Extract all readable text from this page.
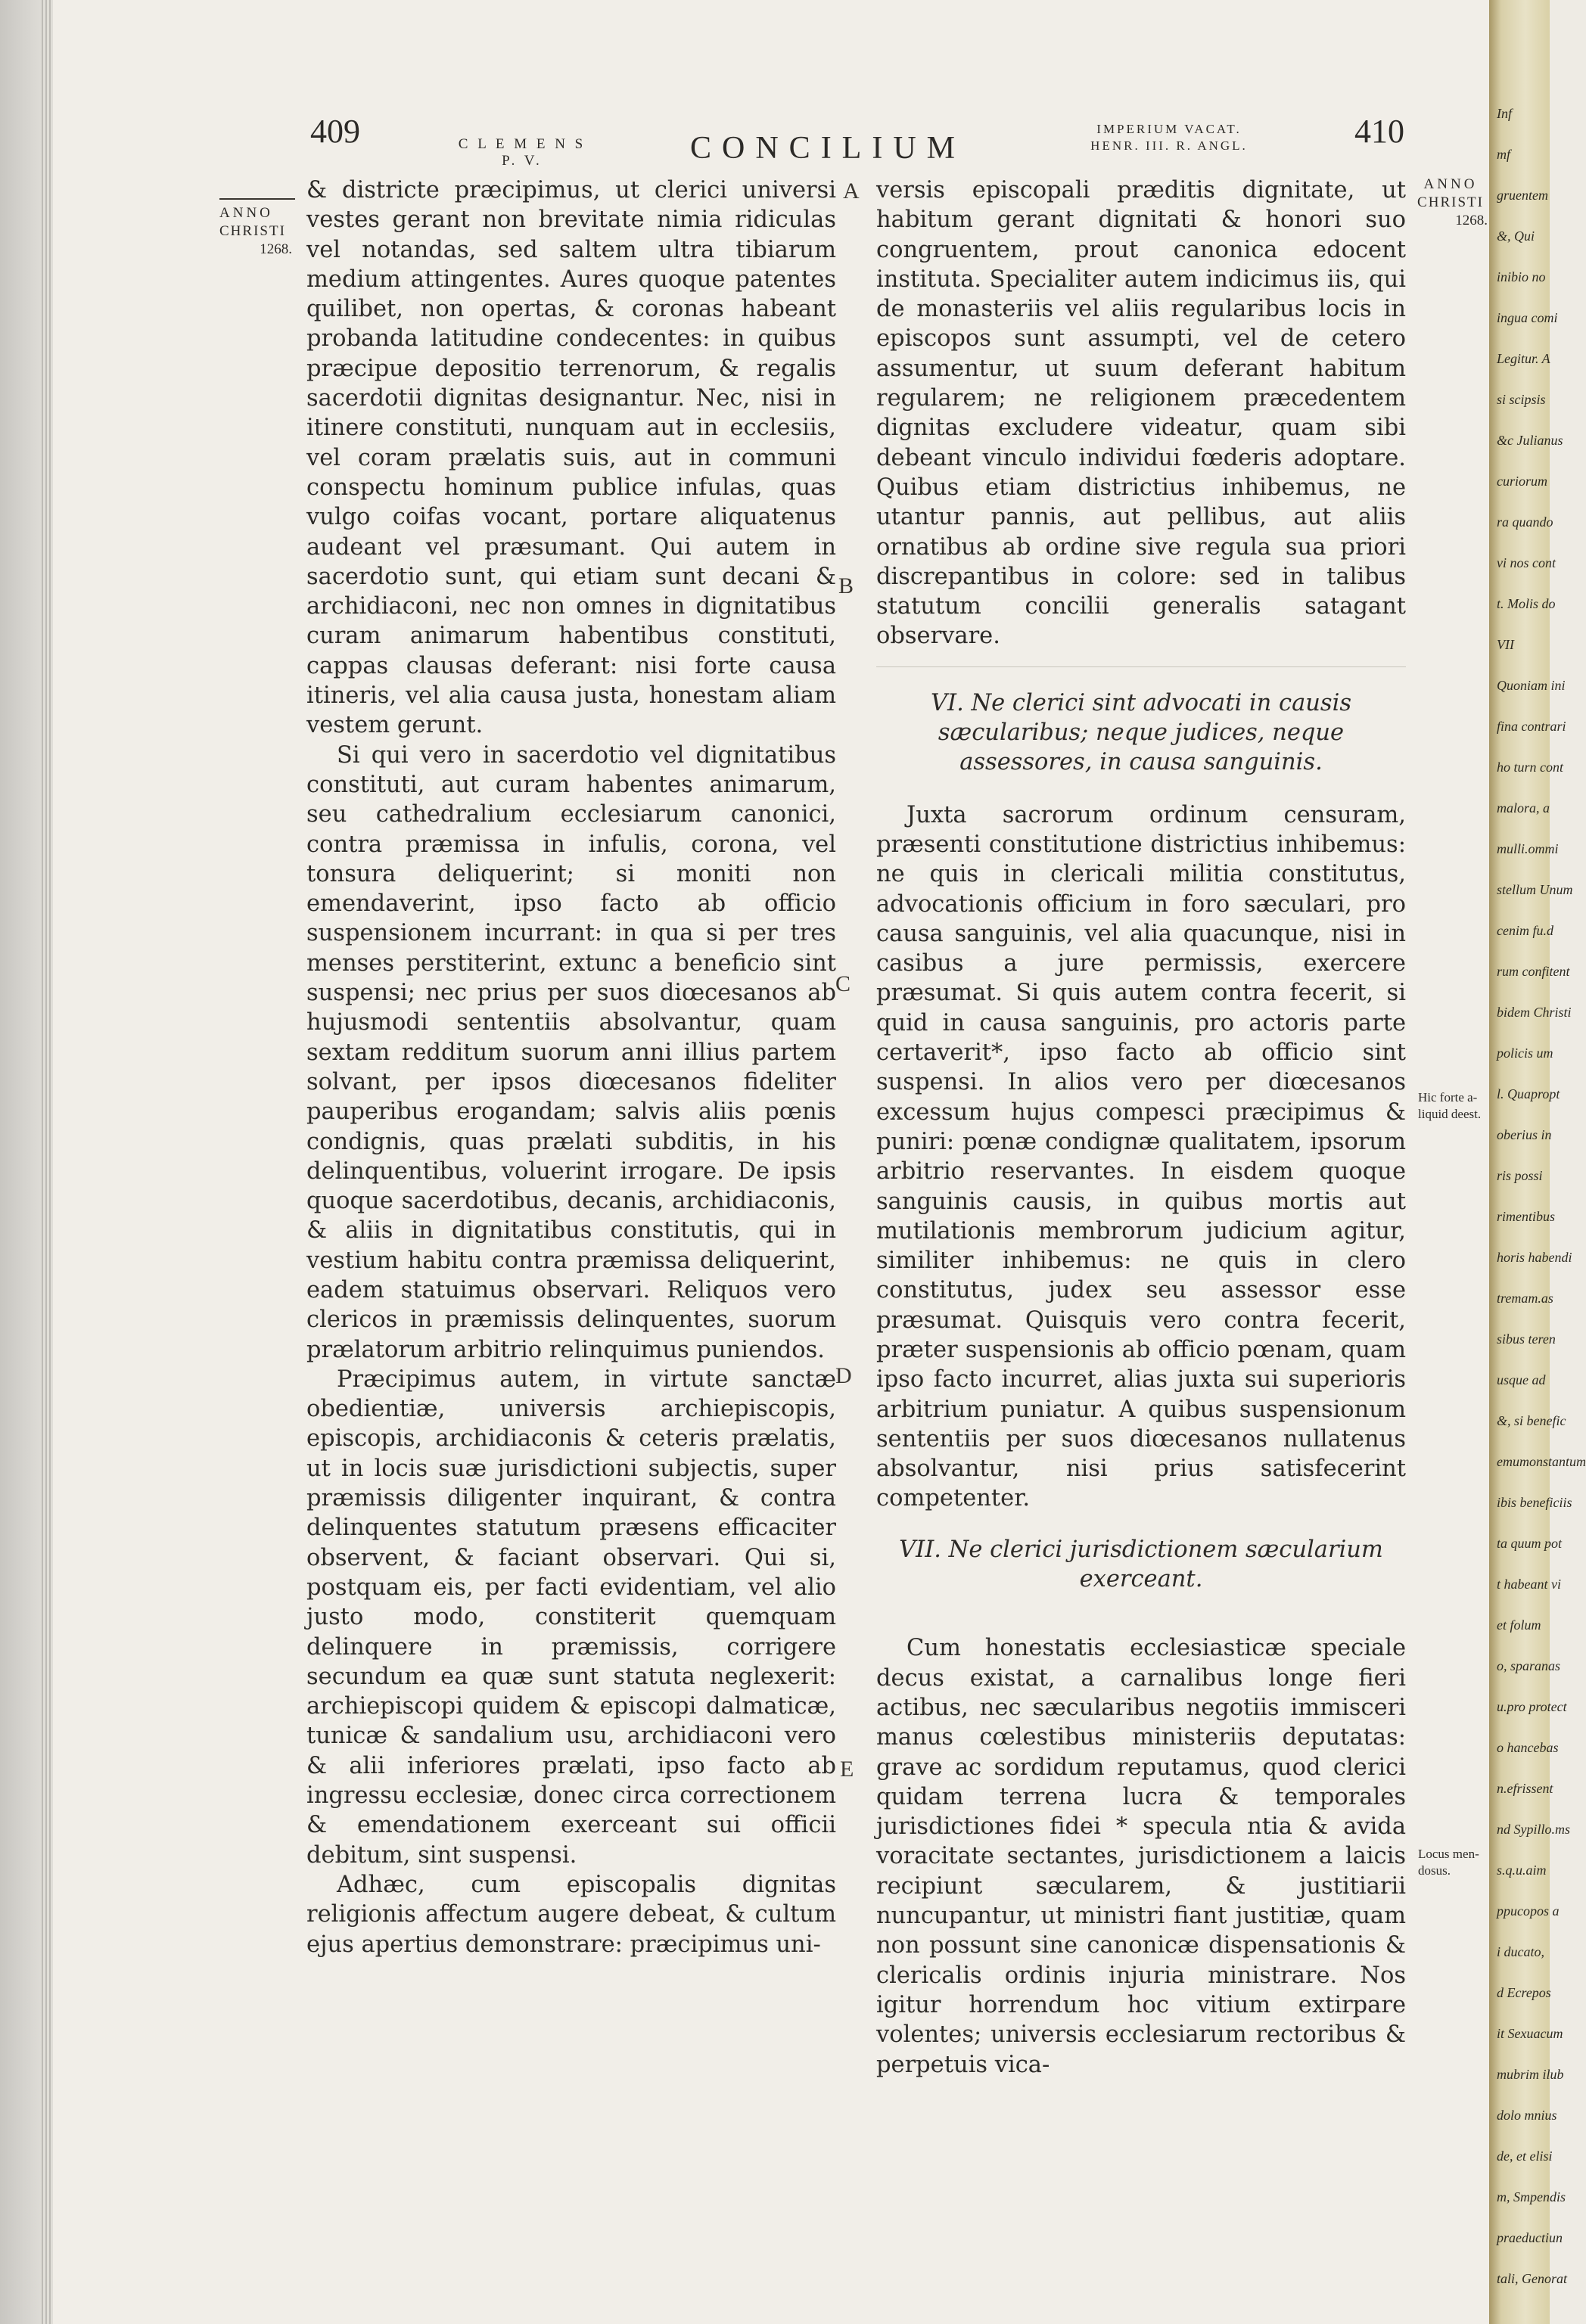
409	C L E M E N S
P. V.	CONCILIUM
IMPERIUM VACAT.
HENR. III. R. ANGL.	410
ANNO
CHRISTI
1268.
ANNO
CHRISTI
1268.
Hic forte a-liquid deest.
Locus men-dosus.
A
B
C
D
E

& districte præcipimus, ut clerici universi vestes gerant non brevitate nimia ridiculas vel notandas, sed saltem ultra tibiarum medium attingentes. Aures quoque patentes quilibet, non opertas, & coronas habeant probanda latitudine condecentes: in quibus præcipue depositio terrenorum, & regalis sacerdotii dignitas designantur. Nec, nisi in itinere constituti, nunquam aut in ecclesiis, vel coram prælatis suis, aut in communi conspectu hominum publice infulas, quas vulgo coifas vocant, portare aliquatenus audeant vel præsumant. Qui autem in sacerdotio sunt, qui etiam sunt decani & archidiaconi, nec non omnes in dignitatibus curam animarum habentibus constituti, cappas clausas deferant: nisi forte causa itineris, vel alia causa justa, honestam aliam vestem gerunt.

Si qui vero in sacerdotio vel dignitatibus constituti, aut curam habentes animarum, seu cathedralium ecclesiarum canonici, contra præmissa in infulis, corona, vel tonsura deliquerint; si moniti non emendaverint, ipso facto ab officio suspensionem incurrant: in qua si per tres menses perstiterint, extunc a beneficio sint suspensi; nec prius per suos diœcesanos ab hujusmodi sententiis absolvantur, quam sextam redditum suorum anni illius partem solvant, per ipsos diœcesanos fideliter pauperibus erogandam; salvis aliis pœnis condignis, quas prælati subditis, in his delinquentibus, voluerint irrogare. De ipsis quoque sacerdotibus, decanis, archidiaconis, & aliis in dignitatibus constitutis, qui in vestium habitu contra præmissa deliquerint, eadem statuimus observari. Reliquos vero clericos in præmissis delinquentes, suorum prælatorum arbitrio relinquimus puniendos.

Præcipimus autem, in virtute sanctæ obedientiæ, universis archiepiscopis, episcopis, archidiaconis & ceteris prælatis, ut in locis suæ jurisdictioni subjectis, super præmissis diligenter inquirant, & contra delinquentes statutum præsens efficaciter observent, & faciant observari. Qui si, postquam eis, per facti evidentiam, vel alio justo modo, constiterit quemquam delinquere in præmissis, corrigere secundum ea quæ sunt statuta neglexerit: archiepiscopi quidem & episcopi dalmaticæ, tunicæ & sandalium usu, archidiaconi vero & alii inferiores prælati, ipso facto ab ingressu ecclesiæ, donec circa correctionem & emendationem exerceant sui officii debitum, sint suspensi.

Adhæc, cum episcopalis dignitas religionis affectum augere debeat, & cultum ejus apertius demonstrare: præcipimus uni-

versis episcopali præditis dignitate, ut habitum gerant dignitati & honori suo congruentem, prout canonica edocent instituta. Specialiter autem indicimus iis, qui de monasteriis vel aliis regularibus locis in episcopos sunt assumpti, vel de cetero assumentur, ut suum deferant habitum regularem; ne religionem præcedentem dignitas excludere videatur, quam sibi debeant vinculo individui fœderis adoptare. Quibus etiam districtius inhibemus, ne utantur pannis, aut pellibus, aut aliis ornatibus ab ordine sive regula sua priori discrepantibus in colore: sed in talibus statutum concilii generalis satagant observare.

VI. Ne clerici sint advocati in causis sæcularibus; neque judices, neque assessores, in causa sanguinis.

Juxta sacrorum ordinum censuram, præsenti constitutione districtius inhibemus: ne quis in clericali militia constitutus, advocationis officium in foro sæculari, pro causa sanguinis, vel alia quacunque, nisi in casibus a jure permissis, exercere præsumat. Si quis autem contra fecerit, si quid in causa sanguinis, pro actoris parte certaverit*, ipso facto ab officio sint suspensi. In alios vero per diœcesanos excessum hujus compesci præcipimus & puniri: pœnæ condignæ qualitatem, ipsorum arbitrio reservantes. In eisdem quoque sanguinis causis, in quibus mortis aut mutilationis membrorum judicium agitur, similiter inhibemus: ne quis in clero constitutus, judex seu assessor esse præsumat. Quisquis vero contra fecerit, præter suspensionis ab officio pœnam, quam ipso facto incurret, alias juxta sui superioris arbitrium puniatur. A quibus suspensionum sententiis per suos diœcesanos nullatenus absolvantur, nisi prius satisfecerint competenter.

VII. Ne clerici jurisdictionem sæcularium exerceant.

Cum honestatis ecclesiasticæ speciale decus existat, a carnalibus longe fieri actibus, nec sæcularibus negotiis immisceri manus cœlestibus ministeriis deputatas: grave ac sordidum reputamus, quod clerici quidam terrena lucra & temporales jurisdictiones fidei * specula ntia & avida voracitate sectantes, jurisdictionem a laicis recipiunt sæcularem, & justitiarii nuncupantur, ut ministri fiant justitiæ, quam non possunt sine canonicæ dispensationis & clericalis ordinis injuria ministrare. Nos igitur horrendum hoc vitium extirpare volentes; universis ecclesiarum rectoribus & perpetuis vica-

Inf
mf
gruentem
&, Qui
inibio no
ingua comi
Legitur. A
si scipsis
&c Julianus
curiorum
ra quando
vi nos cont
t. Molis do
VII
Quoniam ini
fina contrari
ho turn cont
malora, a
mulli.ommi
stellum Unum
cenim fu.d
rum confitent
bidem Christi
policis um
l. Quapropt
oberius in
ris possi
rimentibus
horis habendi
tremam.as
sibus teren
usque ad
&, si benefic
emumonstantum
ibis beneficiis
ta quum pot
t habeant vi
et folum
o, sparanas
u.pro protect
o hancebas
n.efrissent
nd Sypillo.ms
s.q.u.aim
ppucopos a
i ducato,
d Ecrepos
it Sexuacum
mubrim ilub
dolo mnius
de, et elisi
m, Smpendis
praeductiun
tali, Genorat
